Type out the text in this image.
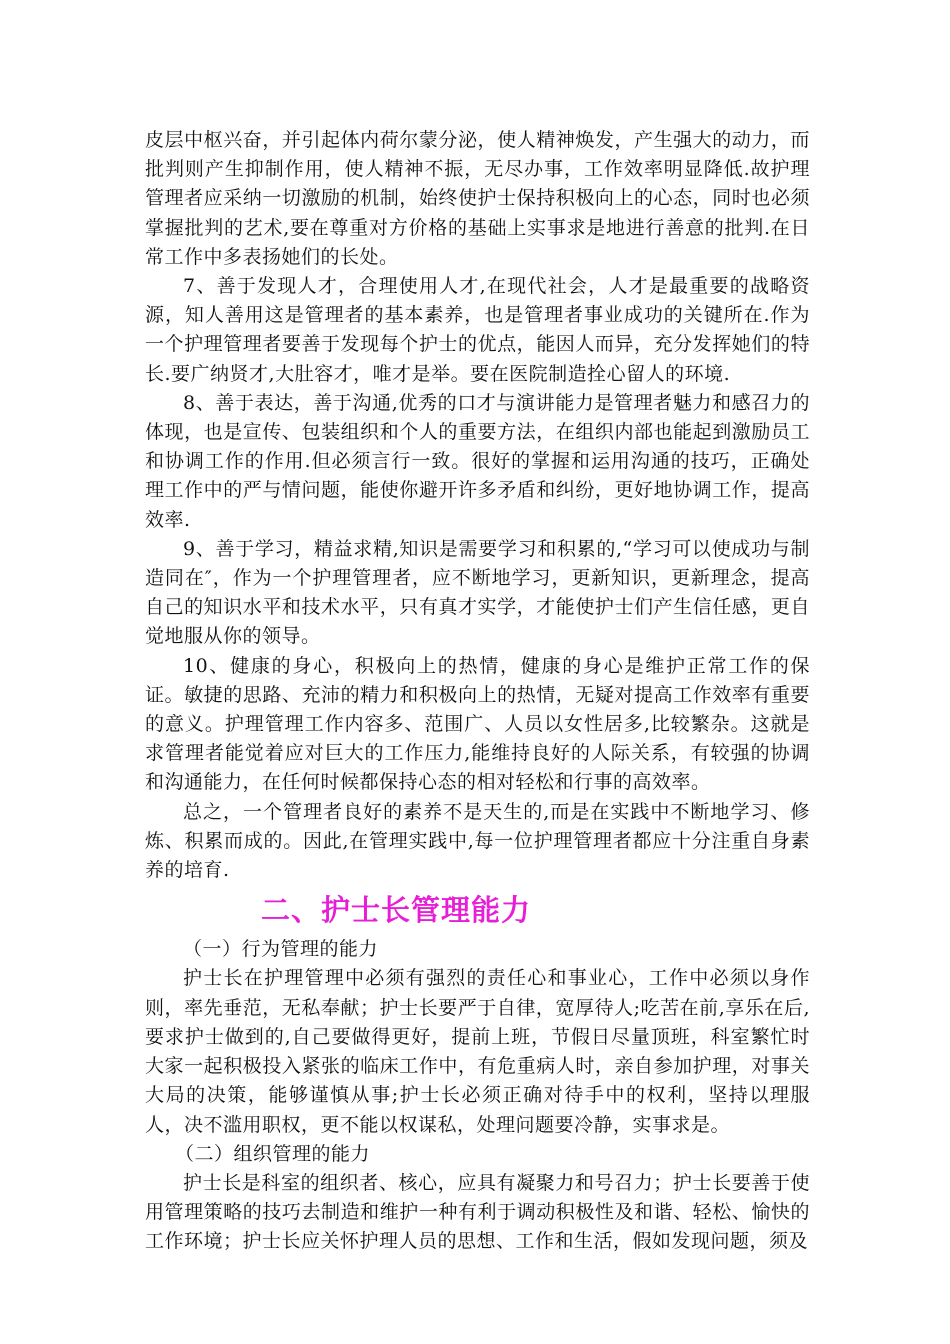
皮层中枢兴奋，并引起体内荷尔蒙分泌，使人精神焕发，产生强大的动力，而批判则产生抑制作用，使人精神不振，无尽办事，工作效率明显降低.故护理管理者应采纳一切激励的机制，始终使护士保持积极向上的心态，同时也必须掌握批判的艺术,要在尊重对方价格的基础上实事求是地进行善意的批判.在日常工作中多表扬她们的长处。

7、善于发现人才，合理使用人才,在现代社会，人才是最重要的战略资源，知人善用这是管理者的基本素养，也是管理者事业成功的关键所在.作为一个护理管理者要善于发现每个护士的优点，能因人而异，充分发挥她们的特长.要广纳贤才,大肚容才，唯才是举。要在医院制造拴心留人的环境.

8、善于表达，善于沟通,优秀的口才与演讲能力是管理者魅力和感召力的体现，也是宣传、包装组织和个人的重要方法，在组织内部也能起到激励员工和协调工作的作用.但必须言行一致。很好的掌握和运用沟通的技巧，正确处理工作中的严与情问题，能使你避开许多矛盾和纠纷，更好地协调工作，提高效率.

9、善于学习，精益求精,知识是需要学习和积累的,“学习可以使成功与制造同在″，作为一个护理管理者，应不断地学习，更新知识，更新理念，提高自己的知识水平和技术水平，只有真才实学，才能使护士们产生信任感，更自觉地服从你的领导。

10、健康的身心，积极向上的热情，健康的身心是维护正常工作的保证。敏捷的思路、充沛的精力和积极向上的热情，无疑对提高工作效率有重要的意义。护理管理工作内容多、范围广、人员以女性居多,比较繁杂。这就是求管理者能觉着应对巨大的工作压力,能维持良好的人际关系，有较强的协调和沟通能力，在任何时候都保持心态的相对轻松和行事的高效率。

总之，一个管理者良好的素养不是天生的,而是在实践中不断地学习、修炼、积累而成的。因此,在管理实践中,每一位护理管理者都应十分注重自身素养的培育.

二、护士长管理能力

（一）行为管理的能力

护士长在护理管理中必须有强烈的责任心和事业心，工作中必须以身作则，率先垂范，无私奉献；护士长要严于自律，宽厚待人;吃苦在前,享乐在后,要求护士做到的,自己要做得更好，提前上班，节假日尽量顶班，科室繁忙时大家一起积极投入紧张的临床工作中，有危重病人时，亲自参加护理，对事关大局的决策，能够谨慎从事;护士长必须正确对待手中的权利，坚持以理服人，决不滥用职权，更不能以权谋私，处理问题要冷静，实事求是。

（二）组织管理的能力

护士长是科室的组织者、核心，应具有凝聚力和号召力；护士长要善于使用管理策略的技巧去制造和维护一种有利于调动积极性及和谐、轻松、愉快的工作环境；护士长应关怀护理人员的思想、工作和生活，假如发现问题，须及
